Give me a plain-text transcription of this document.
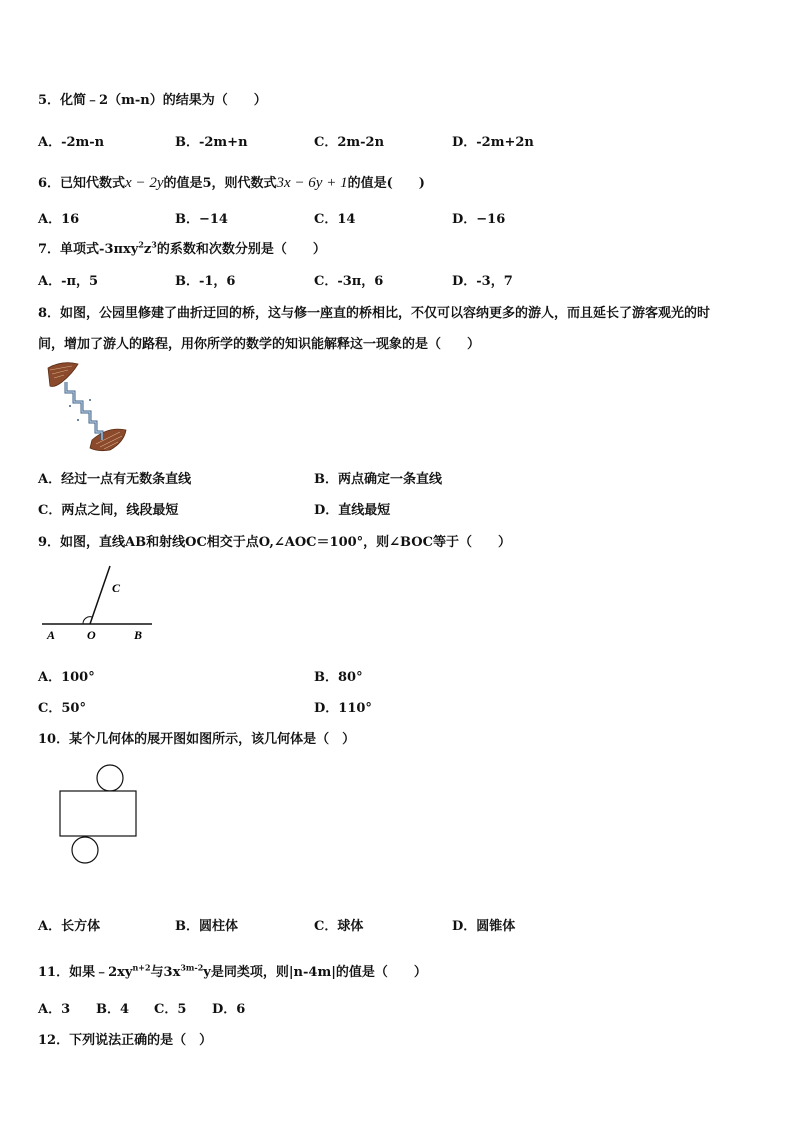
5．化简﹣2（m-n）的结果为（　　）
A．-2m-n	B．-2m+n	C．2m-2n	D．-2m+2n
6．已知代数式x − 2y的值是5，则代数式3x − 6y + 1的值是(　　)
A．16	B．−14	C．14	D．−16
7．单项式$-3\pi xy^2z^3$的系数和次数分别是（　　）
A．-π，5	B．-1，6	C．-3π，6	D．-3，7
8．如图，公园里修建了曲折迂回的桥，这与修一座直的桥相比，不仅可以容纳更多的游人，而且延长了游客观光的时
间，增加了游人的路程，用你所学的数学的知识能解释这一现象的是（　　）
A．经过一点有无数条直线	B．两点确定一条直线
C．两点之间，线段最短	D．直线最短
9．如图，直线AB和射线OC相交于点O,∠AOC＝100°，则∠BOC等于（　　）
C
A	O	B
A．100°	B．80°
C．50°	D．110°
10．某个几何体的展开图如图所示，该几何体是（　）
A．长方体	B．圆柱体	C．球体	D．圆锥体
11．如果$﹣2xy^{n+2}$与$3x^{3m-2}y$是同类项，则|n-4m|的值是（　　）
A．3 B．4 C．5 D．6
12．下列说法正确的是（　）
